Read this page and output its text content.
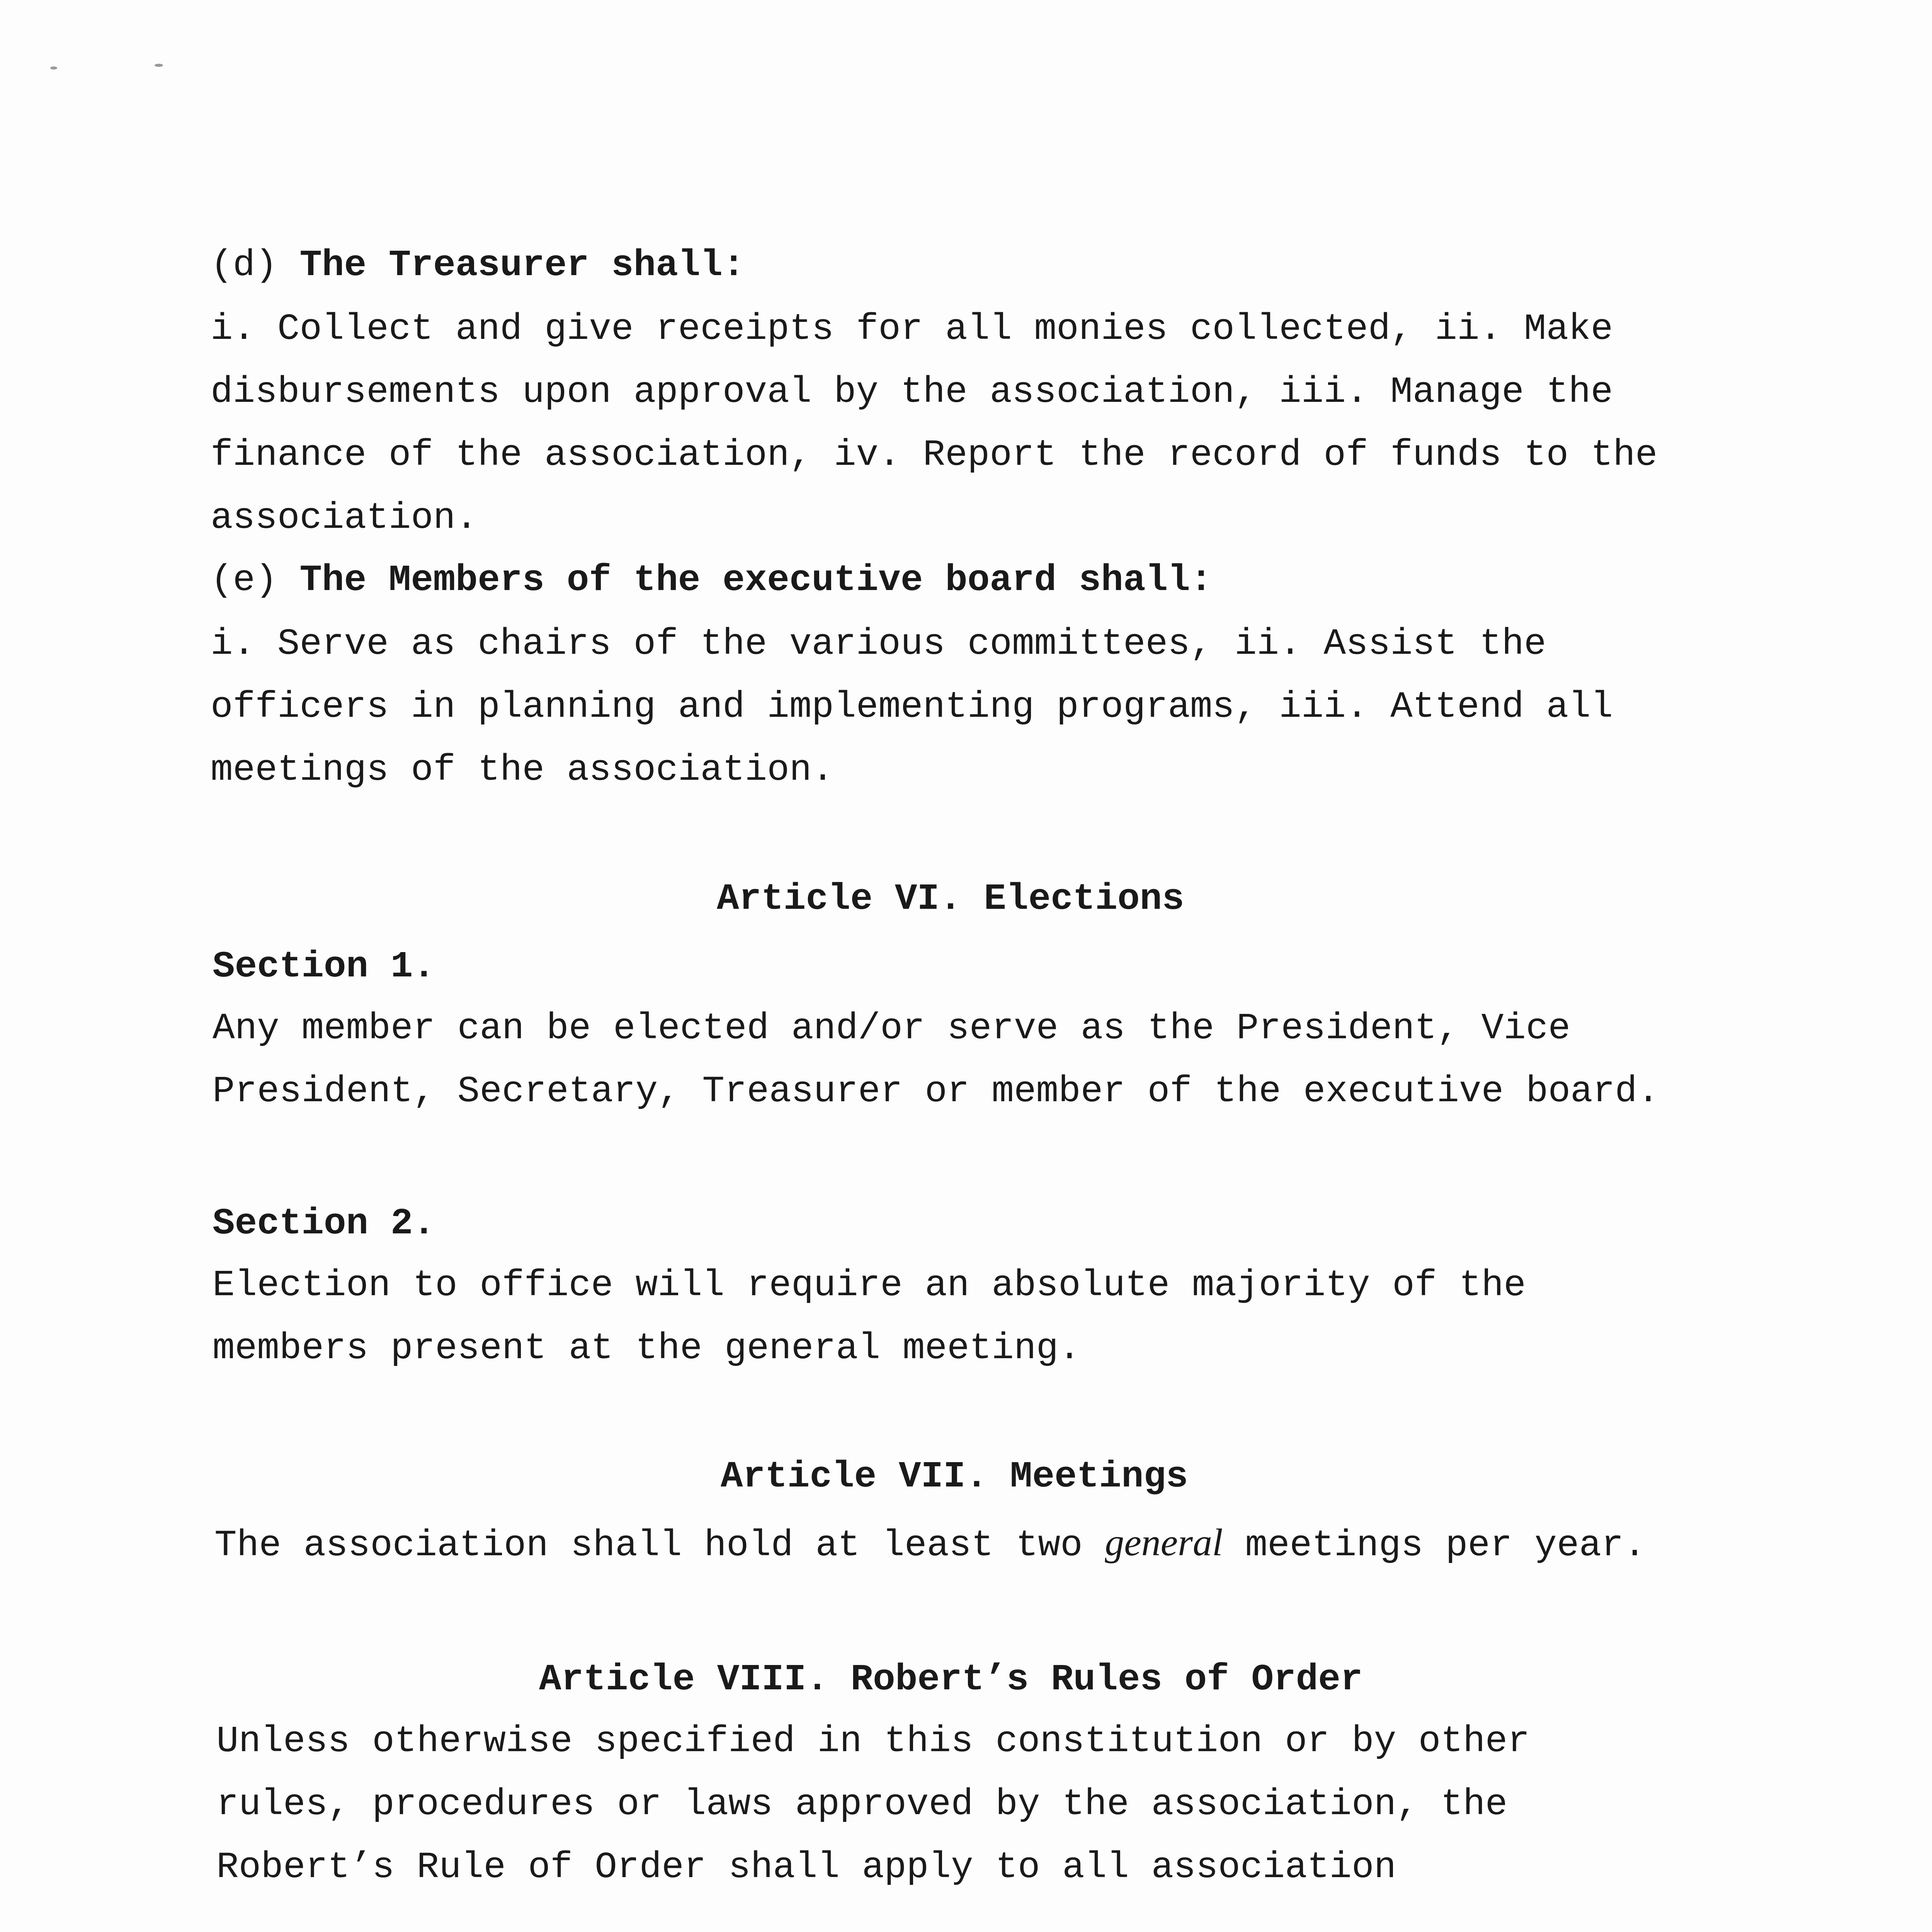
(d) The Treasurer shall:
i. Collect and give receipts for all monies collected, ii. Make
disbursements upon approval by the association, iii. Manage the
finance of the association, iv. Report the record of funds to the
association.
(e) The Members of the executive board shall:
i. Serve as chairs of the various committees, ii. Assist the
officers in planning and implementing programs, iii. Attend all
meetings of the association.
Article VI. Elections
Section 1.
Any member can be elected and/or serve as the President, Vice
President, Secretary, Treasurer or member of the executive board.
Section 2.
Election to office will require an absolute majority of the
members present at the general meeting.
Article VII. Meetings
The association shall hold at least two general meetings per year.
Article VIII. Robert’s Rules of Order
Unless otherwise specified in this constitution or by other
rules, procedures or laws approved by the association, the
Robert’s Rule of Order shall apply to all association
